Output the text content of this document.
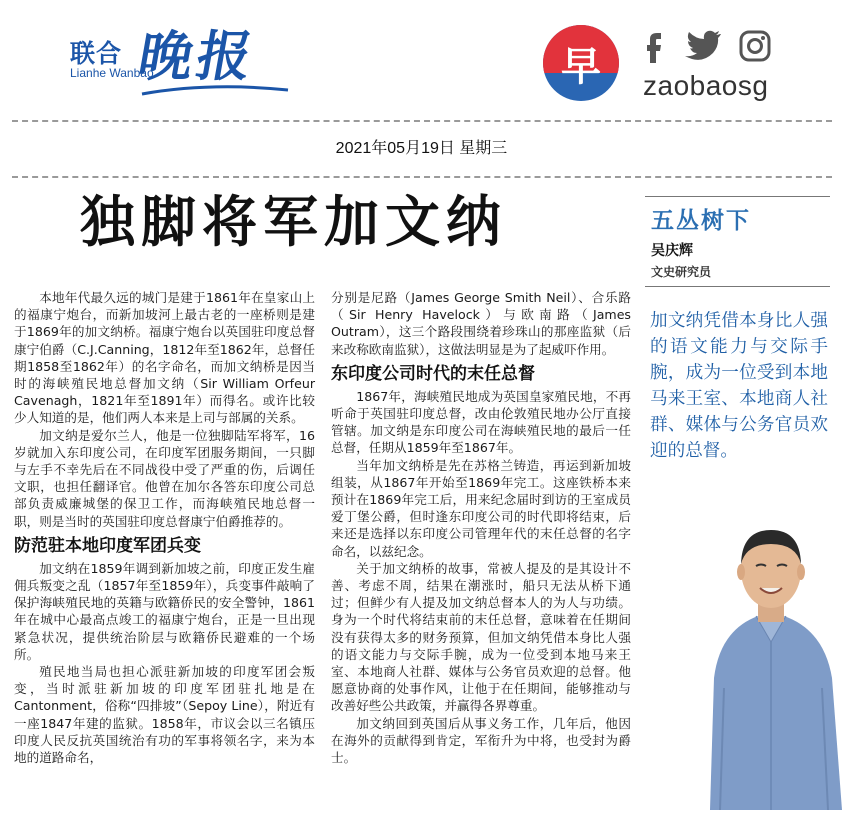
联合 晚报
Lianhe Wanbao	早	zaobaosg
2021年05月19日 星期三
独脚将军加文纳

本地年代最久远的城门是建于1861年在皇家山上的福康宁炮台，而新加坡河上最古老的一座桥则是建于1869年的加文纳桥。福康宁炮台以英国驻印度总督康宁伯爵（C.J.Canning，1812年至1862年，总督任期1858至1862年）的名字命名，而加文纳桥是因当时的海峡殖民地总督加文纳（Sir William Orfeur Cavenagh，1821年至1891年）而得名。或许比较少人知道的是，他们两人本来是上司与部属的关系。

加文纳是爱尔兰人，他是一位独脚陆军将军，16岁就加入东印度公司，在印度军团服务期间，一只脚与左手不幸先后在不同战役中受了严重的伤，后调任文职，也担任翻译官。他曾在加尔各答东印度公司总部负责威廉城堡的保卫工作，而海峡殖民地总督一职，则是当时的英国驻印度总督康宁伯爵推荐的。

防范驻本地印度军团兵变

加文纳在1859年调到新加坡之前，印度正发生雇佣兵叛变之乱（1857年至1859年），兵变事件敲响了保护海峡殖民地的英籍与欧籍侨民的安全警钟，1861年在城中心最高点竣工的福康宁炮台，正是一旦出现紧急状况，提供统治阶层与欧籍侨民避难的一个场所。

殖民地当局也担心派驻新加坡的印度军团会叛变，当时派驻新加坡的印度军团驻扎地是在Cantonment，俗称“四排坡”（Sepoy Line），附近有一座1847年建的监狱。1858年，市议会以三名镇压印度人民反抗英国统治有功的军事将领名字，来为本地的道路命名，

分别是尼路（James George Smith Neil）、合乐路（Sir Henry Havelock）与欧南路（James Outram），这三个路段围绕着珍珠山的那座监狱（后来改称欧南监狱），这做法明显是为了起威吓作用。

东印度公司时代的末任总督

1867年，海峡殖民地成为英国皇家殖民地，不再听命于英国驻印度总督，改由伦敦殖民地办公厅直接管辖。加文纳是东印度公司在海峡殖民地的最后一任总督，任期从1859年至1867年。

当年加文纳桥是先在苏格兰铸造，再运到新加坡组装，从1867年开始至1869年完工。这座铁桥本来预计在1869年完工后，用来纪念届时到访的王室成员爱丁堡公爵，但时逢东印度公司的时代即将结束，后来还是选择以东印度公司管理年代的末任总督的名字命名，以兹纪念。

关于加文纳桥的故事，常被人提及的是其设计不善、考虑不周，结果在潮涨时，船只无法从桥下通过；但鲜少有人提及加文纳总督本人的为人与功绩。身为一个时代将结束前的末任总督，意味着在任期间没有获得太多的财务预算，但加文纳凭借本身比人强的语文能力与交际手腕，成为一位受到本地马来王室、本地商人社群、媒体与公务官员欢迎的总督。他愿意协商的处事作风，让他于在任期间，能够推动与改善好些公共政策，并赢得各界尊重。

加文纳回到英国后从事义务工作，几年后，他因在海外的贡献得到肯定，军衔升为中将，也受封为爵士。

五丛树下
吴庆辉
文史研究员
加文纳凭借本身比人强的语文能力与交际手腕，成为一位受到本地马来王室、本地商人社群、媒体与公务官员欢迎的总督。
